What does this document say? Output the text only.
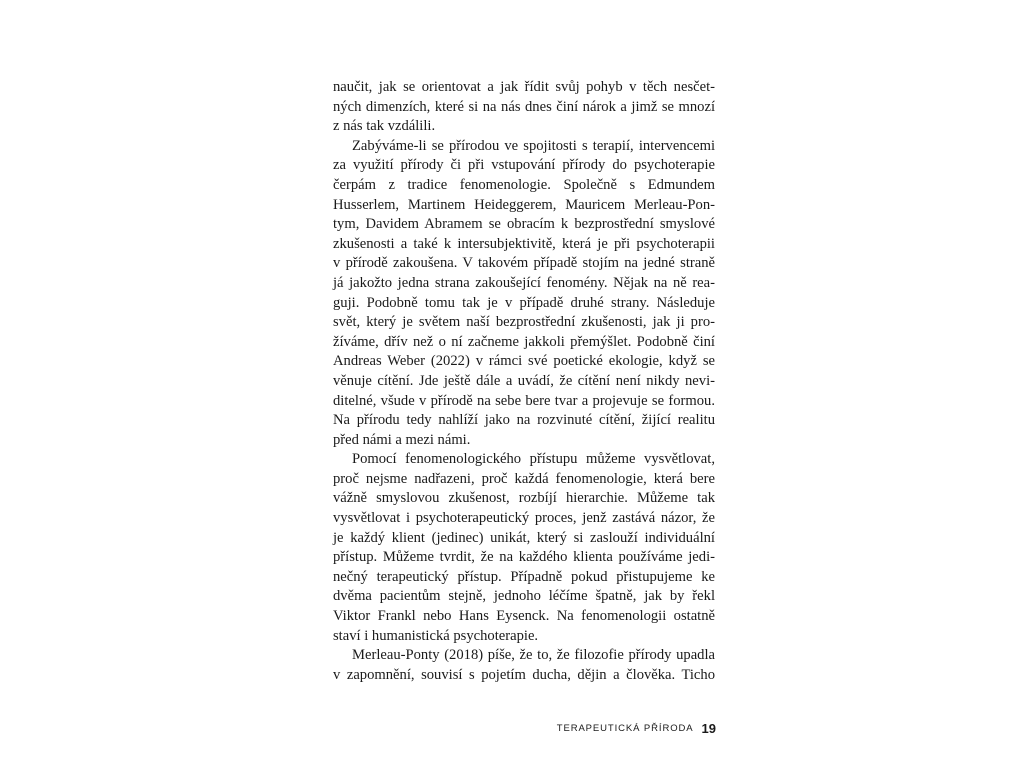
naučit, jak se orientovat a jak řídit svůj pohyb v těch nesčet-
ných dimenzích, které si na nás dnes činí nárok a jimž se mnozí
z nás tak vzdálili.
Zabýváme-li se přírodou ve spojitosti s terapií, intervencemi
za využití přírody či při vstupování přírody do psychoterapie
čerpám z tradice fenomenologie. Společně s Edmundem
Husserlem, Martinem Heideggerem, Mauricem Merleau-Pon-
tym, Davidem Abramem se obracím k bezprostřední smyslové
zkušenosti a také k intersubjektivitě, která je při psychoterapii
v přírodě zakoušena. V takovém případě stojím na jedné straně
já jakožto jedna strana zakoušející fenomény. Nějak na ně rea-
guji. Podobně tomu tak je v případě druhé strany. Následuje
svět, který je světem naší bezprostřední zkušenosti, jak ji pro-
žíváme, dřív než o ní začneme jakkoli přemýšlet. Podobně činí
Andreas Weber (2022) v rámci své poetické ekologie, když se
věnuje cítění. Jde ještě dále a uvádí, že cítění není nikdy nevi-
ditelné, všude v přírodě na sebe bere tvar a projevuje se formou.
Na přírodu tedy nahlíží jako na rozvinuté cítění, žijící realitu
před námi a mezi námi.
Pomocí fenomenologického přístupu můžeme vysvětlovat,
proč nejsme nadřazeni, proč každá fenomenologie, která bere
vážně smyslovou zkušenost, rozbíjí hierarchie. Můžeme tak
vysvětlovat i psychoterapeutický proces, jenž zastává názor, že
je každý klient (jedinec) unikát, který si zaslouží individuální
přístup. Můžeme tvrdit, že na každého klienta používáme jedi-
nečný terapeutický přístup. Případně pokud přistupujeme ke
dvěma pacientům stejně, jednoho léčíme špatně, jak by řekl
Viktor Frankl nebo Hans Eysenck. Na fenomenologii ostatně
staví i humanistická psychoterapie.
Merleau-Ponty (2018) píše, že to, že filozofie přírody upadla
v zapomnění, souvisí s pojetím ducha, dějin a člověka. Ticho
TERAPEUTICKÁ PŘÍRODA 19
